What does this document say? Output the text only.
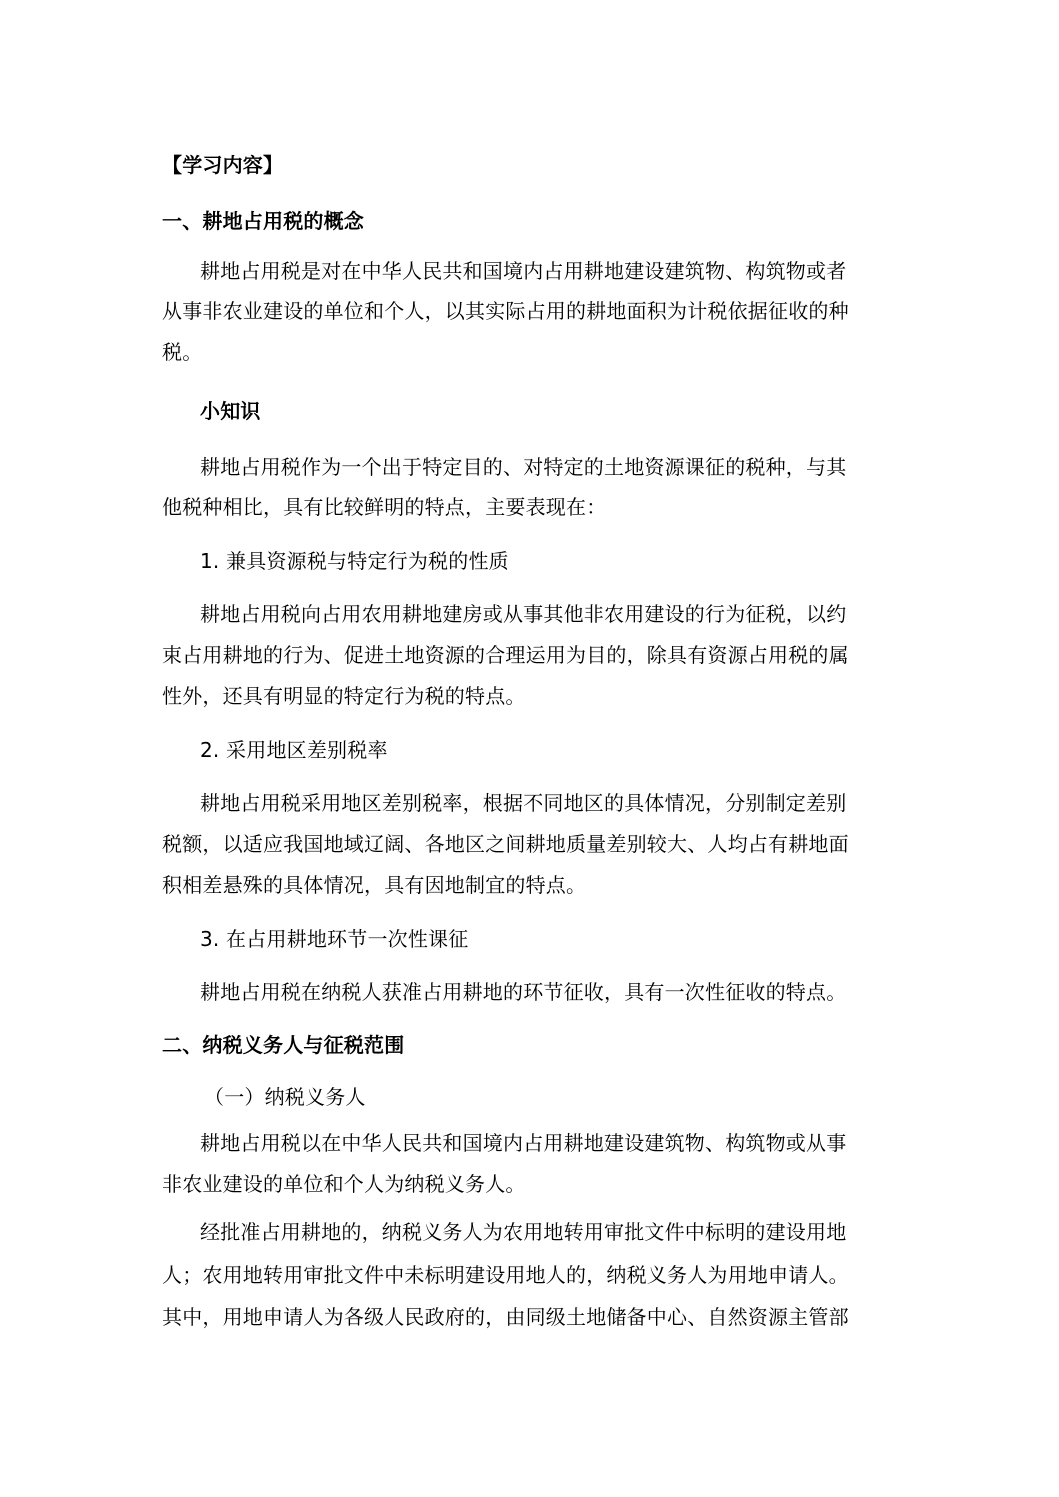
【学习内容】
一、耕地占用税的概念
耕地占用税是对在中华人民共和国境内占用耕地建设建筑物、构筑物或者
从事非农业建设的单位和个人，以其实际占用的耕地面积为计税依据征收的种
税。
小知识
耕地占用税作为一个出于特定目的、对特定的土地资源课征的税种，与其
他税种相比，具有比较鲜明的特点，主要表现在：
1. 兼具资源税与特定行为税的性质
耕地占用税向占用农用耕地建房或从事其他非农用建设的行为征税，以约
束占用耕地的行为、促进土地资源的合理运用为目的，除具有资源占用税的属
性外，还具有明显的特定行为税的特点。
2. 采用地区差别税率
耕地占用税采用地区差别税率，根据不同地区的具体情况，分别制定差别
税额，以适应我国地域辽阔、各地区之间耕地质量差别较大、人均占有耕地面
积相差悬殊的具体情况，具有因地制宜的特点。
3. 在占用耕地环节一次性课征
耕地占用税在纳税人获准占用耕地的环节征收，具有一次性征收的特点。
二、纳税义务人与征税范围
（一）纳税义务人
耕地占用税以在中华人民共和国境内占用耕地建设建筑物、构筑物或从事
非农业建设的单位和个人为纳税义务人。
经批准占用耕地的，纳税义务人为农用地转用审批文件中标明的建设用地
人；农用地转用审批文件中未标明建设用地人的，纳税义务人为用地申请人。
其中，用地申请人为各级人民政府的，由同级土地储备中心、自然资源主管部
